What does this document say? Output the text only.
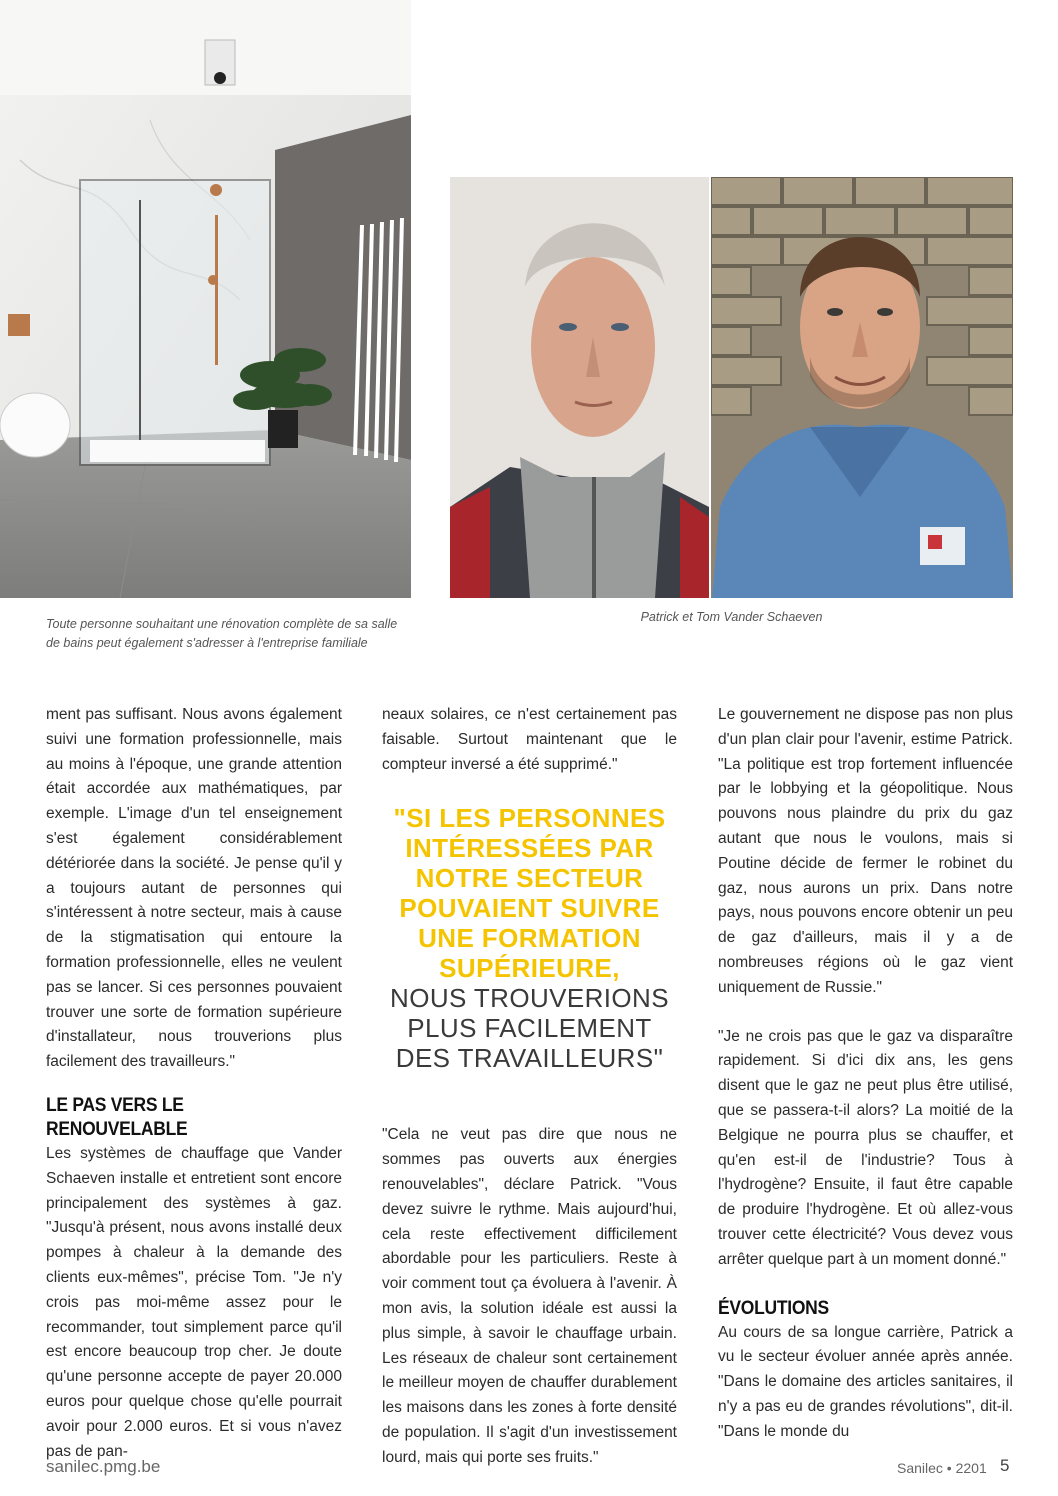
Toute personne souhaitant une rénovation complète de sa salle de bains peut également s'adresser à l'entreprise familiale
Patrick et Tom Vander Schaeven

ment pas suffisant. Nous avons également suivi une formation professionnelle, mais au moins à l'époque, une grande attention était accordée aux mathématiques, par exemple. L'image d'un tel enseignement s'est également considérablement détériorée dans la société. Je pense qu'il y a toujours autant de personnes qui s'intéressent à notre secteur, mais à cause de la stigmatisation qui entoure la formation professionnelle, elles ne veulent pas se lancer. Si ces personnes pouvaient trouver une sorte de formation supérieure d'installateur, nous trouverions plus facilement des travailleurs."

LE PAS VERS LE RENOUVELABLE

Les systèmes de chauffage que Vander Schaeven installe et entretient sont encore principalement des systèmes à gaz. "Jusqu'à présent, nous avons installé deux pompes à chaleur à la demande des clients eux-mêmes", précise Tom. "Je n'y crois pas moi-même assez pour le recommander, tout simplement parce qu'il est encore beaucoup trop cher. Je doute qu'une personne accepte de payer 20.000 euros pour quelque chose qu'elle pourrait avoir pour 2.000 euros. Et si vous n'avez pas de pan-

neaux solaires, ce n'est certainement pas faisable. Surtout maintenant que le compteur inversé a été supprimé."

"SI LES PERSONNES INTÉRESSÉES PAR NOTRE SECTEUR POUVAIENT SUIVRE UNE FORMATION SUPÉRIEURE,
NOUS TROUVERIONS PLUS FACILEMENT DES TRAVAILLEURS"

"Cela ne veut pas dire que nous ne sommes pas ouverts aux énergies renouvelables", déclare Patrick. "Vous devez suivre le rythme. Mais aujourd'hui, cela reste effectivement difficilement abordable pour les particuliers. Reste à voir comment tout ça évoluera à l'avenir. À mon avis, la solution idéale est aussi la plus simple, à savoir le chauffage urbain. Les réseaux de chaleur sont certainement le meilleur moyen de chauffer durablement les maisons dans les zones à forte densité de population. Il s'agit d'un investissement lourd, mais qui porte ses fruits."

Le gouvernement ne dispose pas non plus d'un plan clair pour l'avenir, estime Patrick. "La politique est trop fortement influencée par le lobbying et la géopolitique. Nous pouvons nous plaindre du prix du gaz autant que nous le voulons, mais si Poutine décide de fermer le robinet du gaz, nous aurons un prix. Dans notre pays, nous pouvons encore obtenir un peu de gaz d'ailleurs, mais il y a de nombreuses régions où le gaz vient uniquement de Russie."

"Je ne crois pas que le gaz va disparaître rapidement. Si d'ici dix ans, les gens disent que le gaz ne peut plus être utilisé, que se passera-t-il alors? La moitié de la Belgique ne pourra plus se chauffer, et qu'en est-il de l'industrie? Tous à l'hydrogène? Ensuite, il faut être capable de produire l'hydrogène. Et où allez-vous trouver cette électricité? Vous devez vous arrêter quelque part à un moment donné."

ÉVOLUTIONS

Au cours de sa longue carrière, Patrick a vu le secteur évoluer année après année. "Dans le domaine des articles sanitaires, il n'y a pas eu de grandes révolutions", dit-il. "Dans le monde du

sanilec.pmg.be	Sanilec • 2201 5
